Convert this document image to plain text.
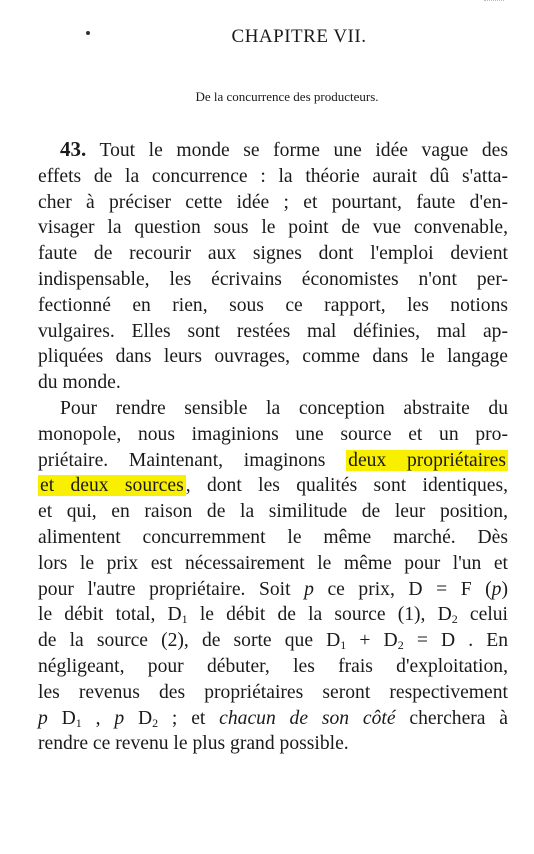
CHAPITRE VII.
De la concurrence des producteurs.
43. Tout le monde se forme une idée vague des
effets de la concurrence : la théorie aurait dû s'atta-
cher à préciser cette idée ; et pourtant, faute d'en-
visager la question sous le point de vue convenable,
faute de recourir aux signes dont l'emploi devient
indispensable, les écrivains économistes n'ont per-
fectionné en rien, sous ce rapport, les notions
vulgaires. Elles sont restées mal définies, mal ap-
pliquées dans leurs ouvrages, comme dans le langage
du monde.
Pour rendre sensible la conception abstraite du
monopole, nous imaginions une source et un pro-
priétaire. Maintenant, imaginons deux propriétaires
et deux sources , dont les qualités sont identiques,
et qui, en raison de la similitude de leur position,
alimentent concurremment le même marché. Dès
lors le prix est nécessairement le même pour l'un et
pour l'autre propriétaire. Soit p ce prix, D = F (p)
le débit total, $D_1$ le débit de la source (1), $D_2$ celui
de la source (2), de sorte que $D_1 + D_2 = D$ . En
négligeant, pour débuter, les frais d'exploitation,
les revenus des propriétaires seront respectivement
p $D_1$ , p $D_2$ ; et chacun de son côté cherchera à
rendre ce revenu le plus grand possible.
